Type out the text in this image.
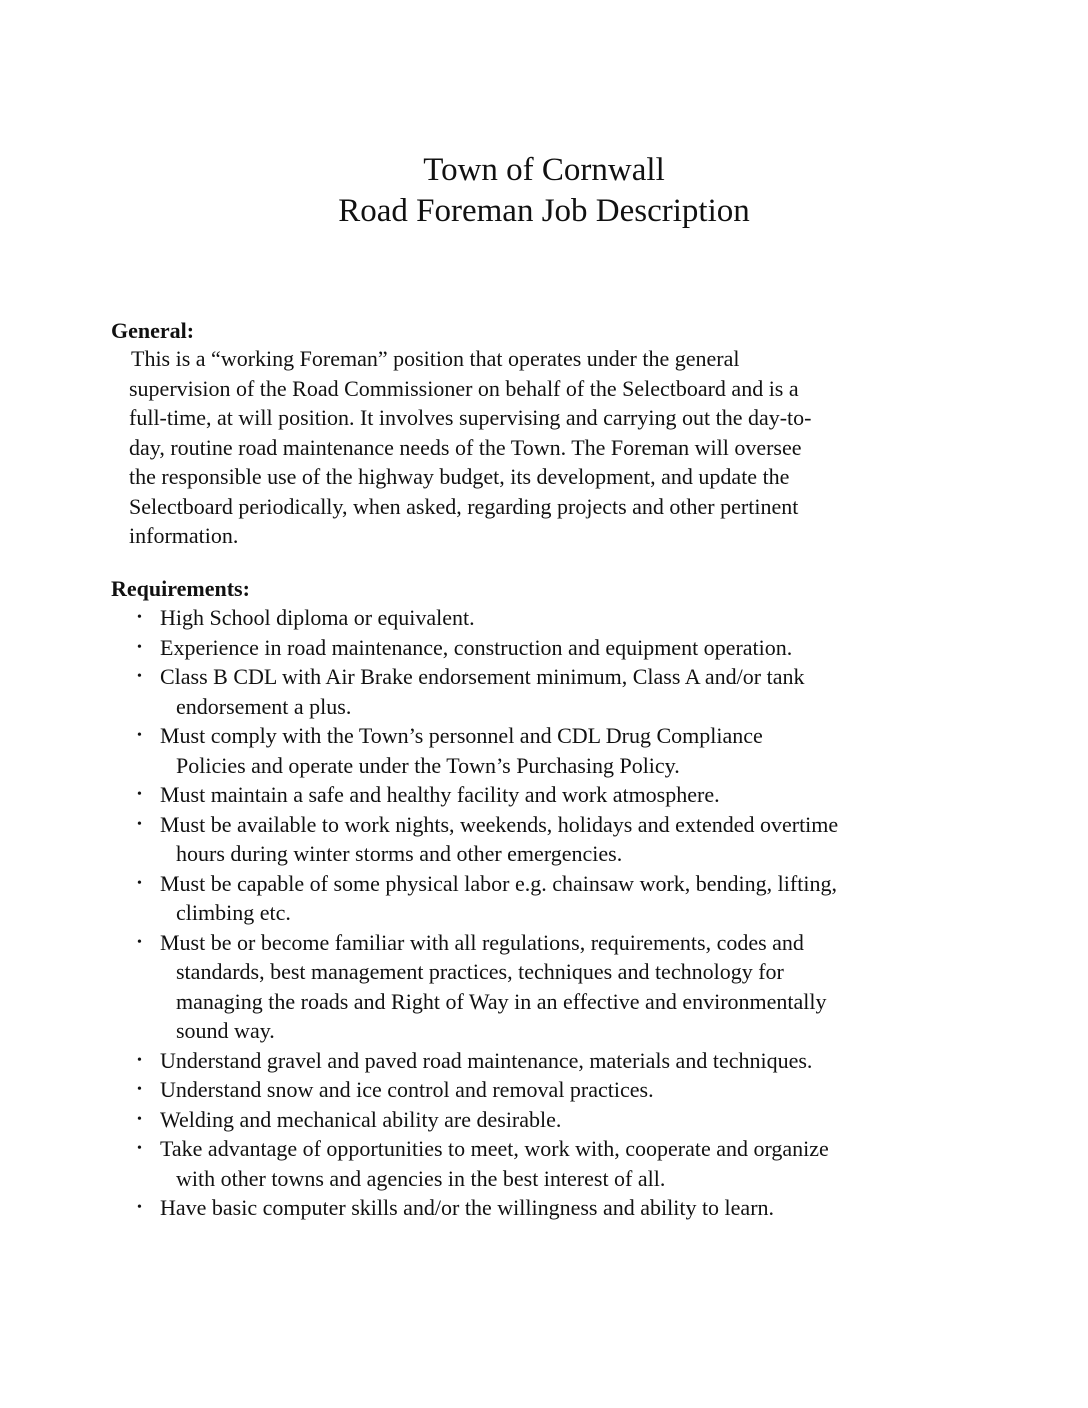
Town of Cornwall
Road Foreman Job Description
General:
This is a “working Foreman” position that operates under the general
supervision of the Road Commissioner on behalf of the Selectboard and is a
full-time, at will position. It involves supervising and carrying out the day-to-
day, routine road maintenance needs of the Town. The Foreman will oversee
the responsible use of the highway budget, its development, and update the
Selectboard periodically, when asked, regarding projects and other pertinent
information.
Requirements:
• High School diploma or equivalent.
• Experience in road maintenance, construction and equipment operation.
• Class B CDL with Air Brake endorsement minimum, Class A and/or tank
endorsement a plus.
• Must comply with the Town’s personnel and CDL Drug Compliance
Policies and operate under the Town’s Purchasing Policy.
• Must maintain a safe and healthy facility and work atmosphere.
• Must be available to work nights, weekends, holidays and extended overtime
hours during winter storms and other emergencies.
• Must be capable of some physical labor e.g. chainsaw work, bending, lifting,
climbing etc.
• Must be or become familiar with all regulations, requirements, codes and
standards, best management practices, techniques and technology for
managing the roads and Right of Way in an effective and environmentally
sound way.
• Understand gravel and paved road maintenance, materials and techniques.
• Understand snow and ice control and removal practices.
• Welding and mechanical ability are desirable.
• Take advantage of opportunities to meet, work with, cooperate and organize
with other towns and agencies in the best interest of all.
• Have basic computer skills and/or the willingness and ability to learn.
